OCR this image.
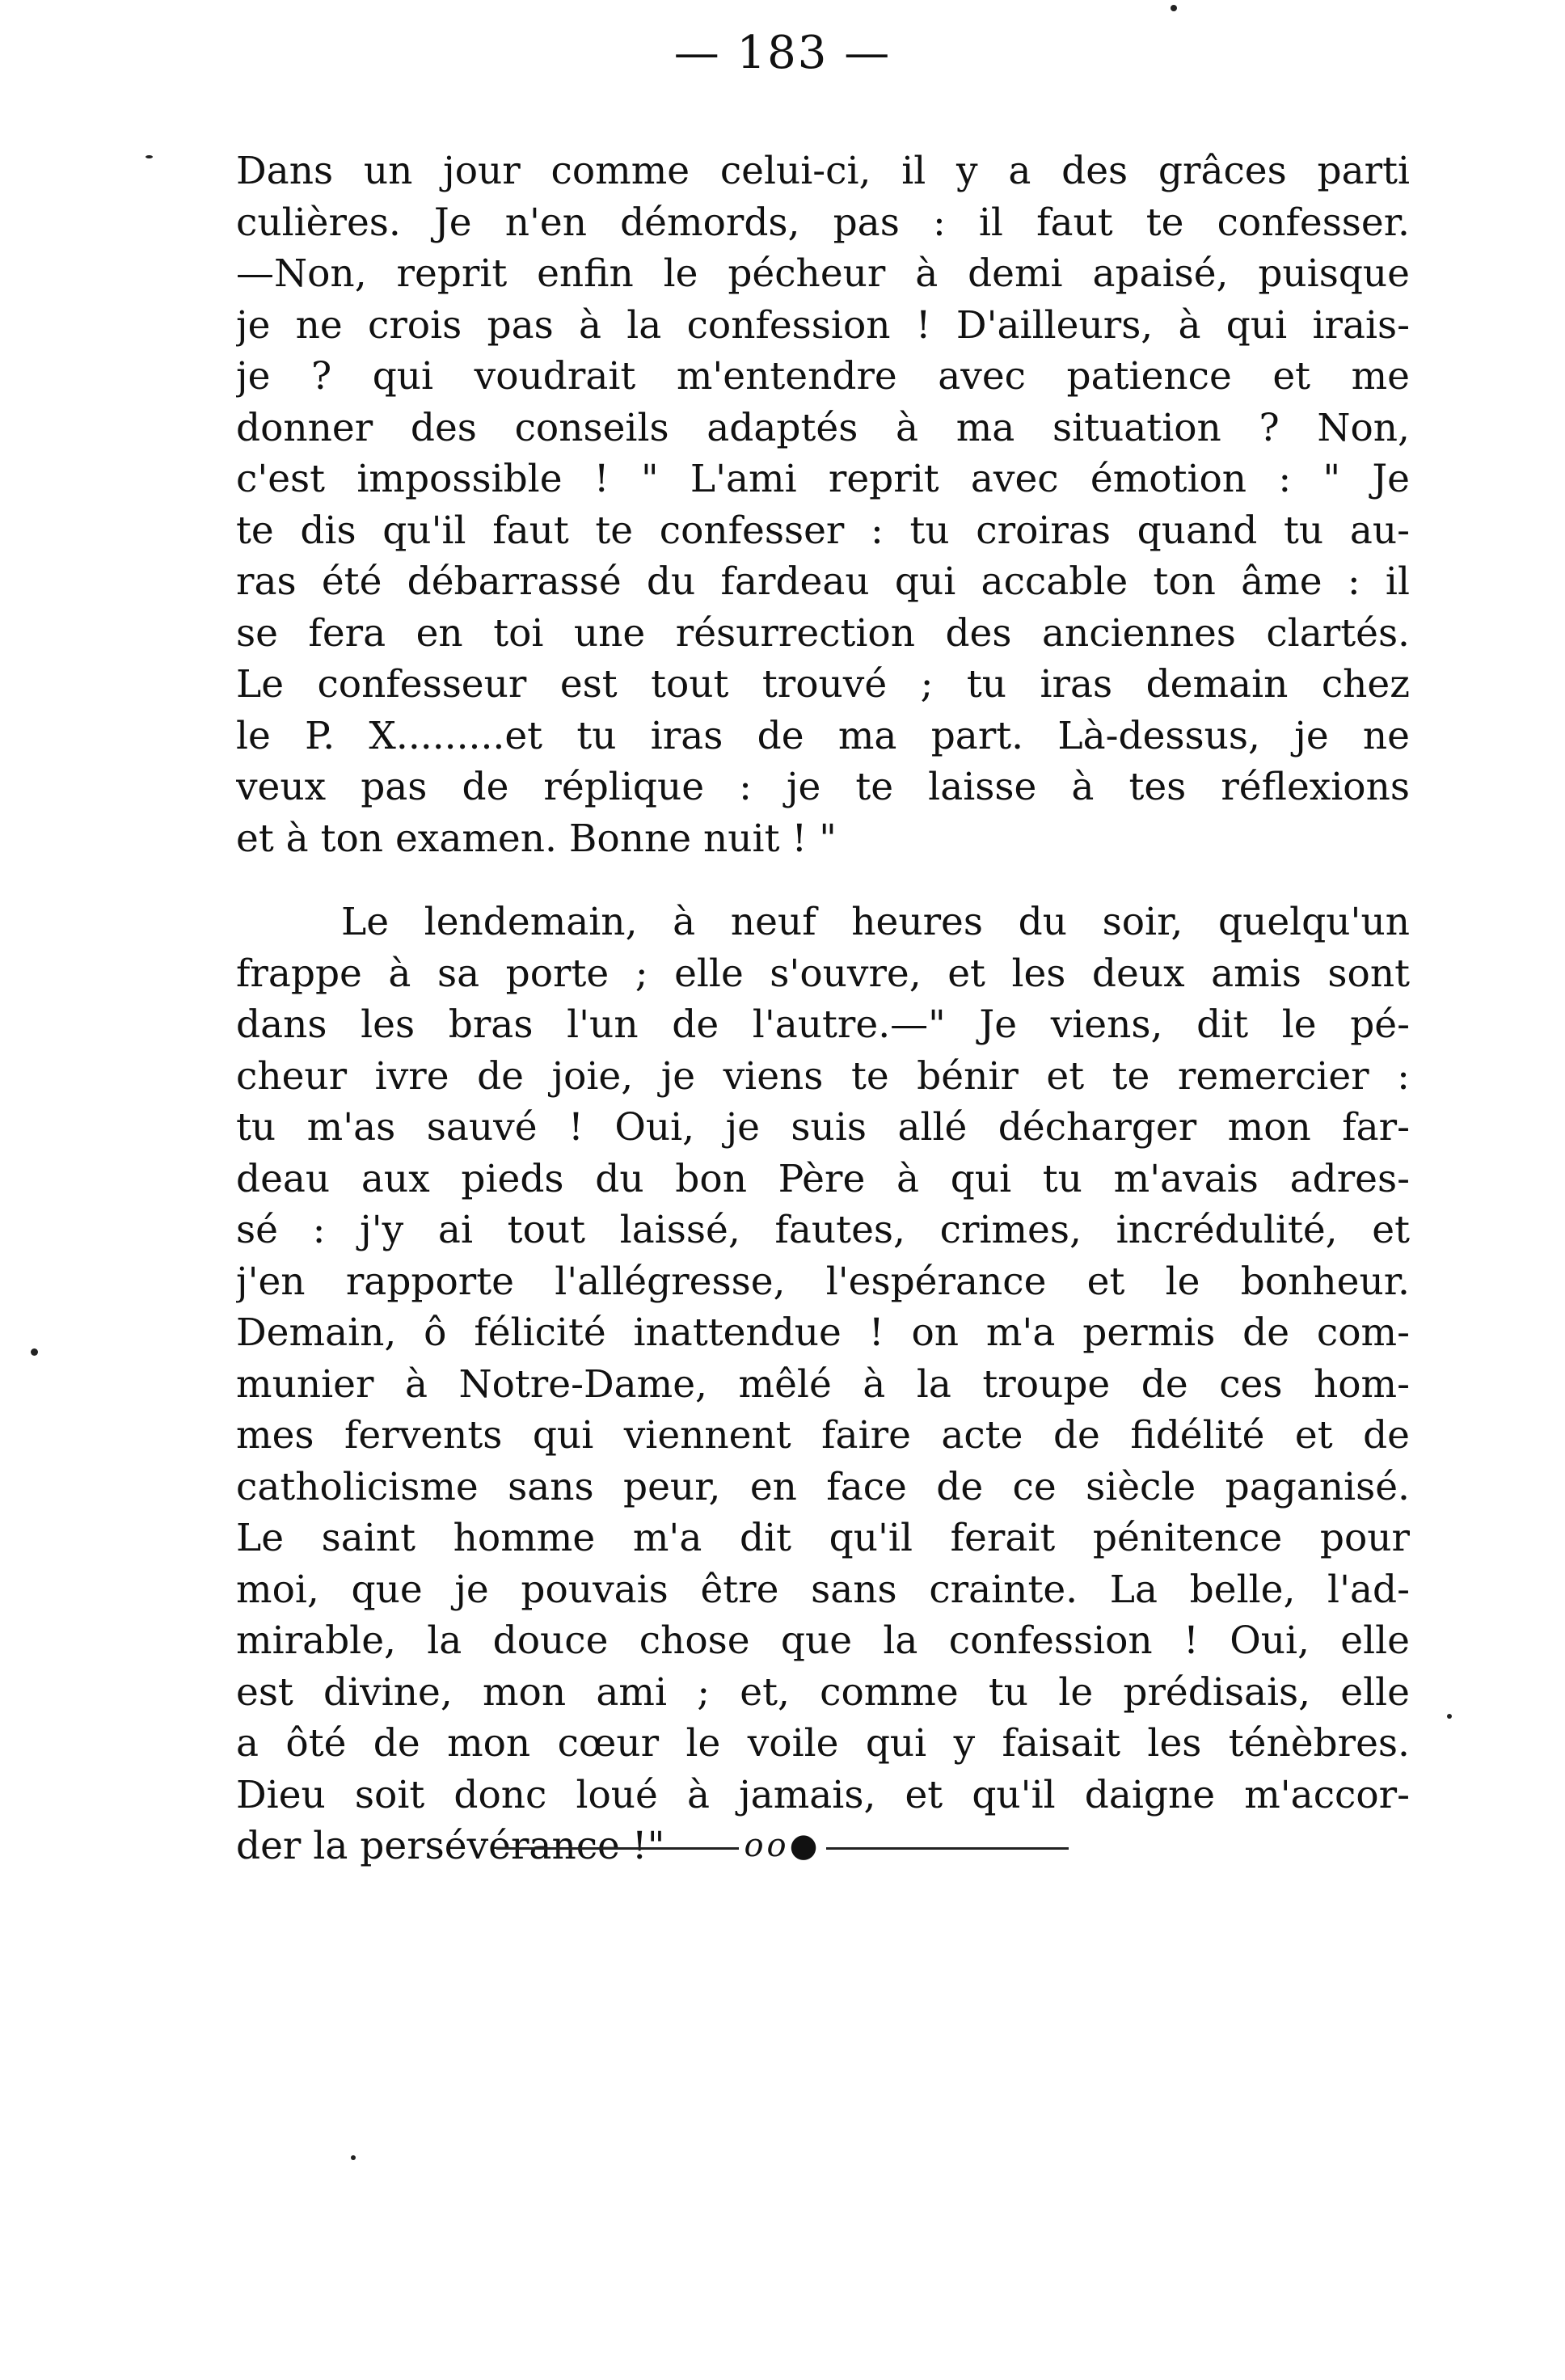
— 183 —
Dans un jour comme celui-ci, il y a des grâces parti
culières. Je n'en démords, pas : il faut te confesser.
—Non, reprit enfin le pécheur à demi apaisé, puisque
je ne crois pas à la confession ! D'ailleurs, à qui irais-
je ? qui voudrait m'entendre avec patience et me
donner des conseils adaptés à ma situation ? Non,
c'est impossible ! " L'ami reprit avec émotion : " Je
te dis qu'il faut te confesser : tu croiras quand tu au-
ras été débarrassé du fardeau qui accable ton âme : il
se fera en toi une résurrection des anciennes clartés.
Le confesseur est tout trouvé ; tu iras demain chez
le P. X.........et tu iras de ma part. Là-dessus, je ne
veux pas de réplique : je te laisse à tes réflexions
et à ton examen. Bonne nuit ! "
Le lendemain, à neuf heures du soir, quelqu'un
frappe à sa porte ; elle s'ouvre, et les deux amis sont
dans les bras l'un de l'autre.—" Je viens, dit le pé-
cheur ivre de joie, je viens te bénir et te remercier :
tu m'as sauvé ! Oui, je suis allé décharger mon far-
deau aux pieds du bon Père à qui tu m'avais adres-
sé : j'y ai tout laissé, fautes, crimes, incrédulité, et
j'en rapporte l'allégresse, l'espérance et le bonheur.
Demain, ô félicité inattendue ! on m'a permis de com-
munier à Notre-Dame, mêlé à la troupe de ces hom-
mes fervents qui viennent faire acte de fidélité et de
catholicisme sans peur, en face de ce siècle paganisé.
Le saint homme m'a dit qu'il ferait pénitence pour
moi, que je pouvais être sans crainte. La belle, l'ad-
mirable, la douce chose que la confession ! Oui, elle
est divine, mon ami ; et, comme tu le prédisais, elle
a ôté de mon cœur le voile qui y faisait les ténèbres.
Dieu soit donc loué à jamais, et qu'il daigne m'accor-
der la persévérance !"	oo●
